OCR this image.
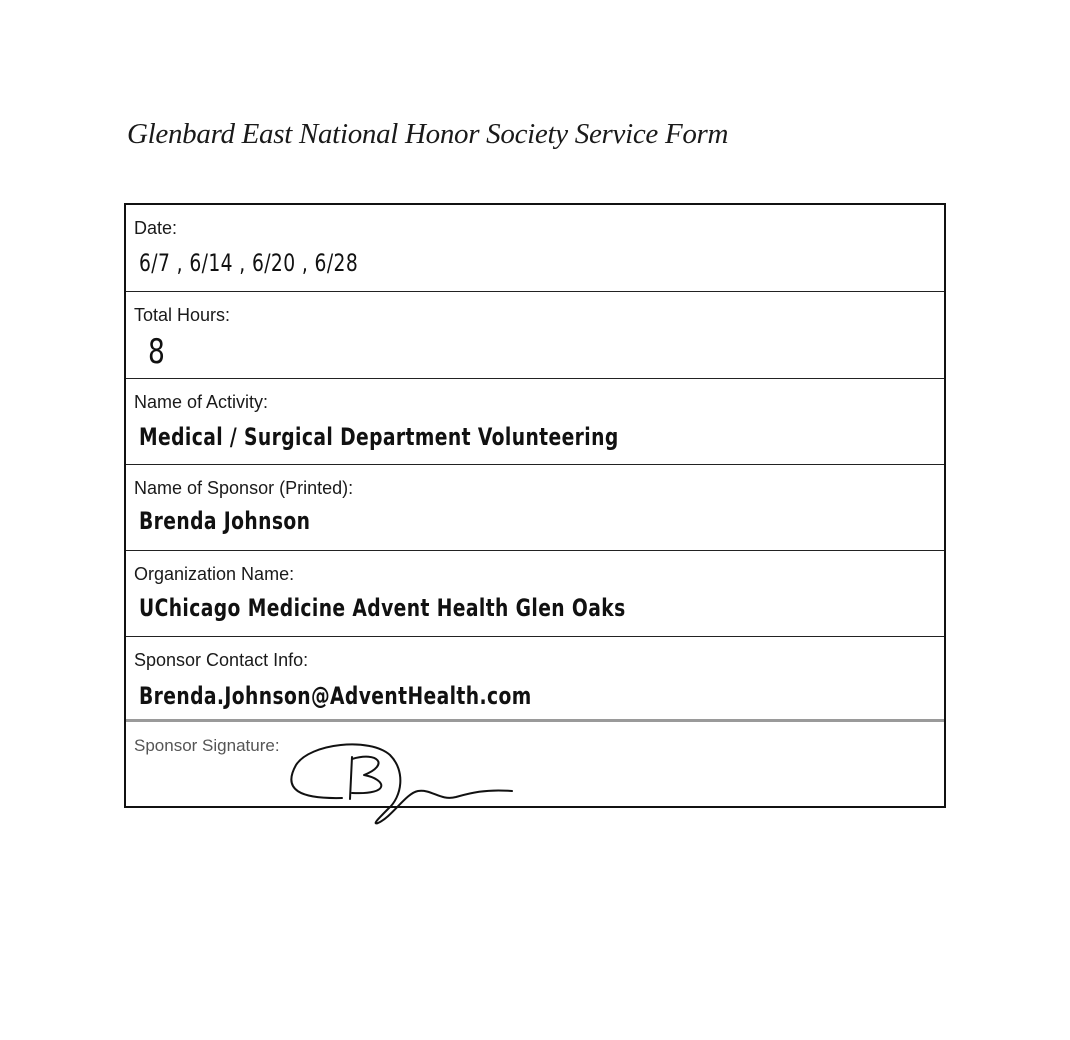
Glenbard East National Honor Society Service Form
Date:
6/7 , 6/14 , 6/20 , 6/28
Total Hours:
8
Name of Activity:
Medical / Surgical Department Volunteering
Name of Sponsor (Printed):
Brenda Johnson
Organization Name:
UChicago Medicine Advent Health Glen Oaks
Sponsor Contact Info:
Brenda.Johnson@AdventHealth.com
Sponsor Signature:
